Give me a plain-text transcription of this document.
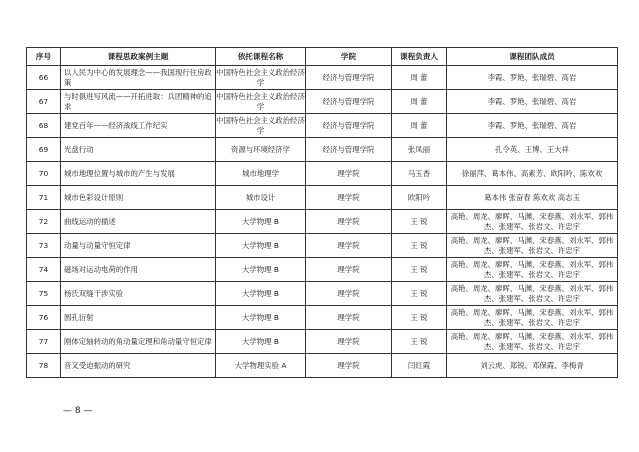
序号	课程思政案例主题	依托课程名称	学院	课程负责人	课程团队成员
66	以人民为中心的发展理念——我国现行住房政策	中国特色社会主义政治经济学	经济与管理学院	周 蕾	李霞、罗艳、张瑞碧、高岩
67	与时俱进写风流——开拓进取：兵团精神的追求	中国特色社会主义政治经济学	经济与管理学院	周 蕾	李霞、罗艳、张瑞碧、高岩
68	建党百年——经济战线工作纪实	中国特色社会主义政治经济学	经济与管理学院	周 蕾	李霞、罗艳、张瑞碧、高岩
69	光盘行动	资源与环境经济学	经济与管理学院	张凤丽	孔令英、王博、王大祥
70	城市地理位置与城市的产生与发展	城市地理学	理学院	马玉香	徐丽萍、葛本伟、高素芳、欧阳吟、陈欢欢
71	城市色彩设计原则	城市设计	理学院	欧阳吟	葛本伟 张奋春 陈欢欢 高志玉
72	曲线运动的描述	大学物理 B	理学院	王 锐	高艳、周龙、廖晖、马渊、宋春燕、刘永军、郭伟杰、张建军、张岩文、许忠宇
73	动量与动量守恒定律	大学物理 B	理学院	王 锐	高艳、周龙、廖晖、马渊、宋春燕、刘永军、郭伟杰、张建军、张岩文、许忠宇
74	磁场对运动电荷的作用	大学物理 B	理学院	王 锐	高艳、周龙、廖晖、马渊、宋春燕、刘永军、郭伟杰、张建军、张岩文、许忠宇
75	杨氏双缝干涉实验	大学物理 B	理学院	王 锐	高艳、周龙、廖晖、马渊、宋春燕、刘永军、郭伟杰、张建军、张岩文、许忠宇
76	圆孔衍射	大学物理 B	理学院	王 锐	高艳、周龙、廖晖、马渊、宋春燕、刘永军、郭伟杰、张建军、张岩文、许忠宇
77	刚体定轴转动的角动量定理和角动量守恒定律	大学物理 B	理学院	王 锐	高艳、周龙、廖晖、马渊、宋春燕、刘永军、郭伟杰、张建军、张岩文、许忠宇
78	音叉受迫振动的研究	大学物理实验 A	理学院	闫红霞	刘云虎、郑锐、邓保霞、李梅青
— 8 —
